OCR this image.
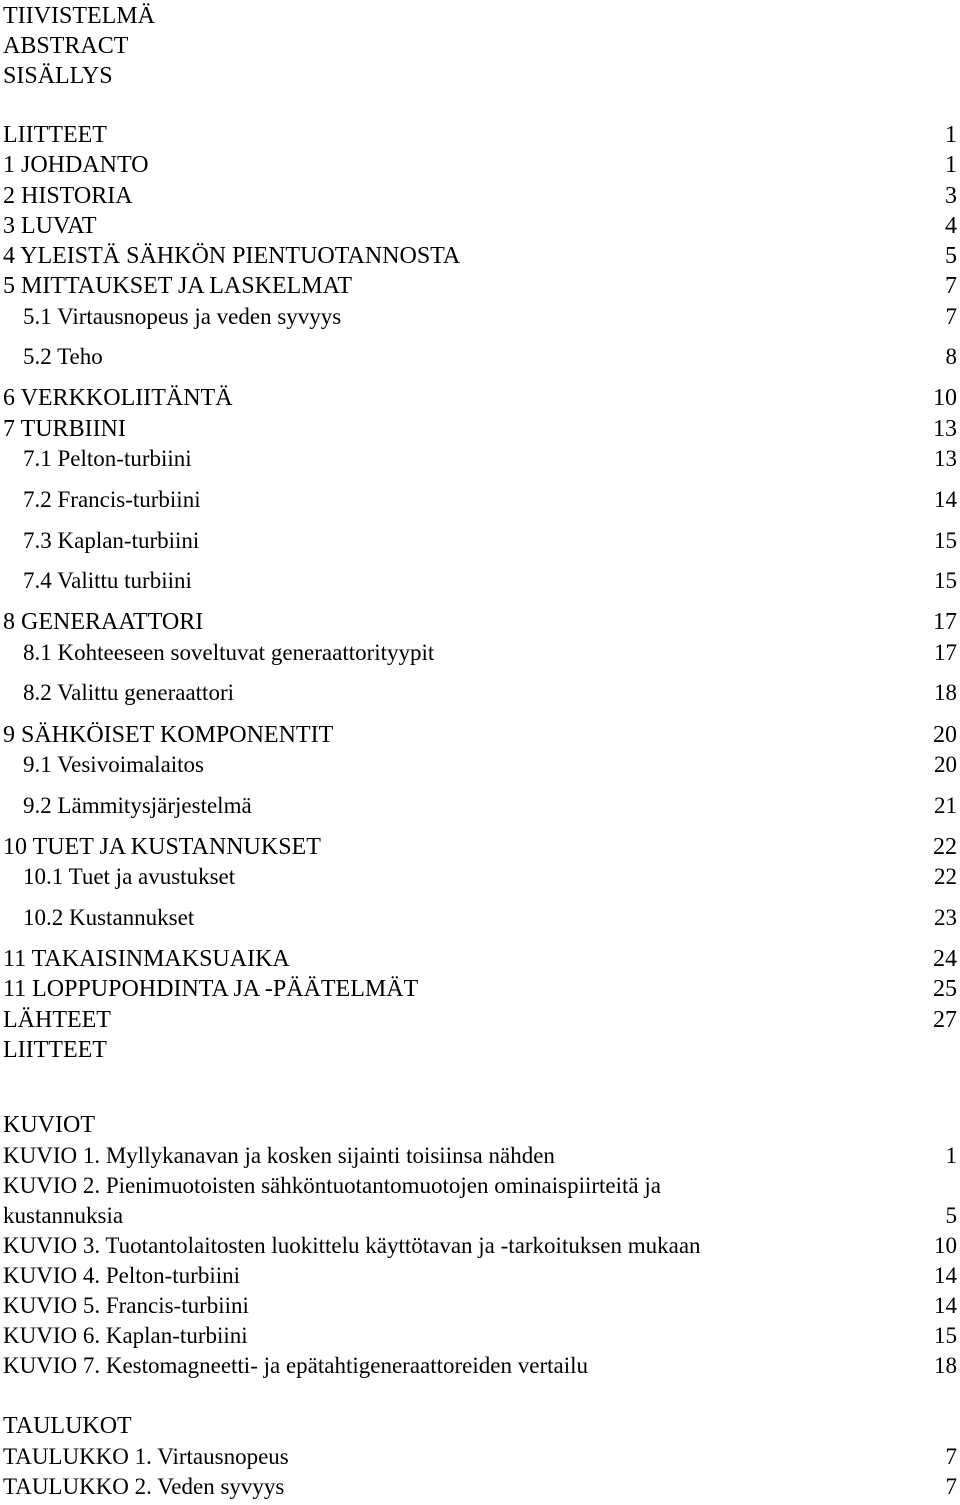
TIIVISTELMÄ
ABSTRACT
SISÄLLYS
LIITTEET	1
1 JOHDANTO	1
2 HISTORIA	3
3 LUVAT	4
4 YLEISTÄ SÄHKÖN PIENTUOTANNOSTA	5
5 MITTAUKSET JA LASKELMAT	7
5.1 Virtausnopeus ja veden syvyys	7
5.2 Teho	8
6 VERKKOLIITÄNTÄ	10
7 TURBIINI	13
7.1 Pelton-turbiini	13
7.2 Francis-turbiini	14
7.3 Kaplan-turbiini	15
7.4 Valittu turbiini	15
8 GENERAATTORI	17
8.1 Kohteeseen soveltuvat generaattorityypit	17
8.2 Valittu generaattori	18
9 SÄHKÖISET KOMPONENTIT	20
9.1 Vesivoimalaitos	20
9.2 Lämmitysjärjestelmä	21
10 TUET JA KUSTANNUKSET	22
10.1 Tuet ja avustukset	22
10.2 Kustannukset	23
11 TAKAISINMAKSUAIKA	24
11 LOPPUPOHDINTA JA -PÄÄTELMÄT	25
LÄHTEET	27
LIITTEET
KUVIOT
KUVIO 1. Myllykanavan ja kosken sijainti toisiinsa nähden	1
KUVIO 2. Pienimuotoisten sähköntuotantomuotojen ominaispiirteitä ja
kustannuksia	5
KUVIO 3. Tuotantolaitosten luokittelu käyttötavan ja -tarkoituksen mukaan	10
KUVIO 4. Pelton-turbiini	14
KUVIO 5. Francis-turbiini	14
KUVIO 6. Kaplan-turbiini	15
KUVIO 7. Kestomagneetti- ja epätahtigeneraattoreiden vertailu	18
TAULUKOT
TAULUKKO 1. Virtausnopeus	7
TAULUKKO 2. Veden syvyys	7
